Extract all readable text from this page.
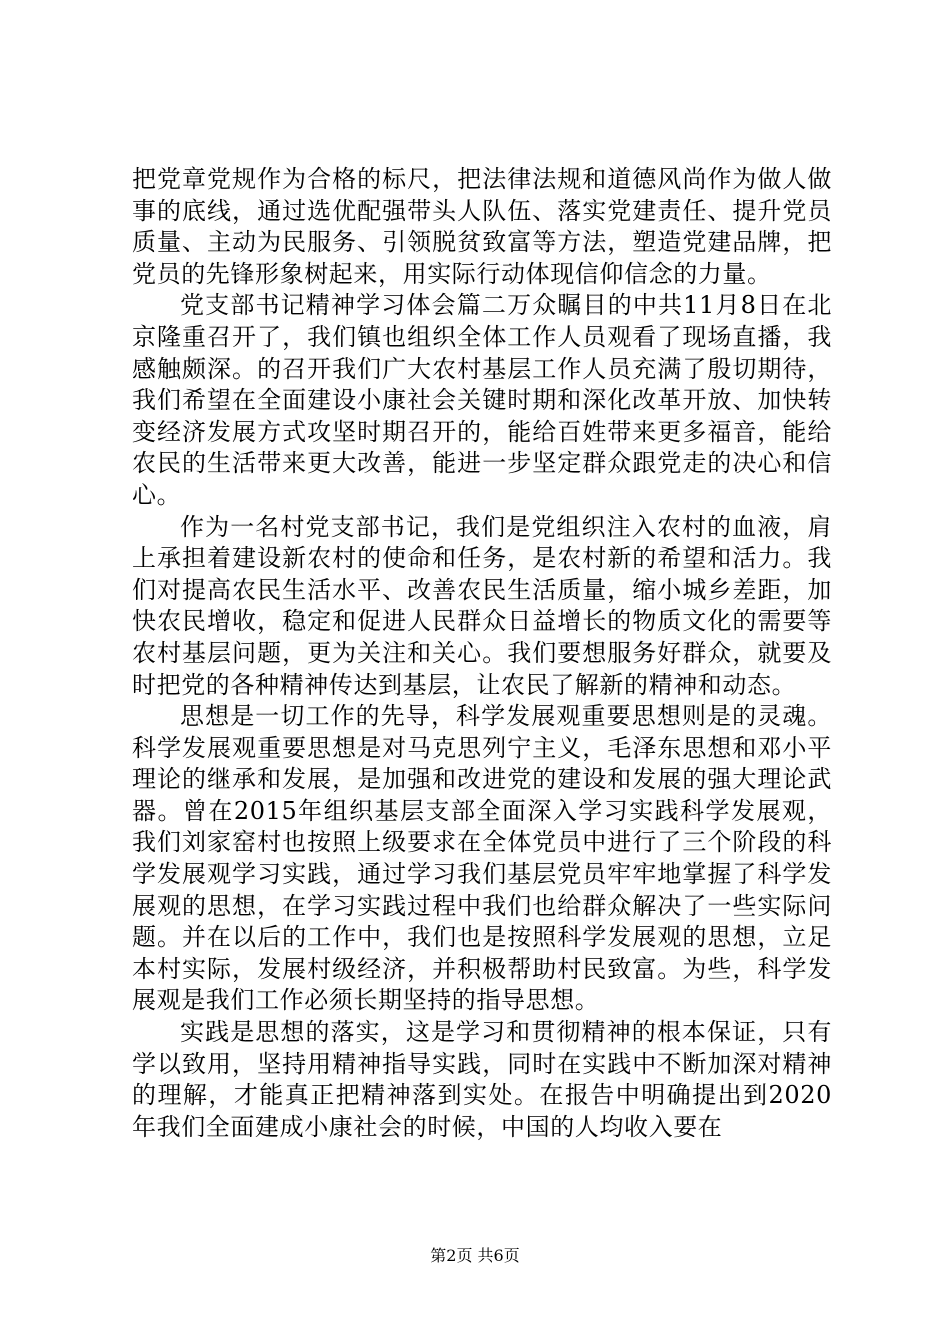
把党章党规作为合格的标尺，把法律法规和道德风尚作为做人做事的底线，通过选优配强带头人队伍、落实党建责任、提升党员质量、主动为民服务、引领脱贫致富等方法，塑造党建品牌，把党员的先锋形象树起来，用实际行动体现信仰信念的力量。

党支部书记精神学习体会篇二万众瞩目的中共11月8日在北京隆重召开了，我们镇也组织全体工作人员观看了现场直播，我感触颇深。的召开我们广大农村基层工作人员充满了殷切期待，我们希望在全面建设小康社会关键时期和深化改革开放、加快转变经济发展方式攻坚时期召开的，能给百姓带来更多福音，能给农民的生活带来更大改善，能进一步坚定群众跟党走的决心和信心。

作为一名村党支部书记，我们是党组织注入农村的血液，肩上承担着建设新农村的使命和任务，是农村新的希望和活力。我们对提高农民生活水平、改善农民生活质量，缩小城乡差距，加快农民增收，稳定和促进人民群众日益增长的物质文化的需要等农村基层问题，更为关注和关心。我们要想服务好群众，就要及时把党的各种精神传达到基层，让农民了解新的精神和动态。

思想是一切工作的先导，科学发展观重要思想则是的灵魂。科学发展观重要思想是对马克思列宁主义，毛泽东思想和邓小平理论的继承和发展，是加强和改进党的建设和发展的强大理论武器。曾在2015年组织基层支部全面深入学习实践科学发展观，我们刘家窑村也按照上级要求在全体党员中进行了三个阶段的科学发展观学习实践，通过学习我们基层党员牢牢地掌握了科学发展观的思想，在学习实践过程中我们也给群众解决了一些实际问题。并在以后的工作中，我们也是按照科学发展观的思想，立足本村实际，发展村级经济，并积极帮助村民致富。为些，科学发展观是我们工作必须长期坚持的指导思想。

实践是思想的落实，这是学习和贯彻精神的根本保证，只有学以致用，坚持用精神指导实践，同时在实践中不断加深对精神的理解，才能真正把精神落到实处。在报告中明确提出到2020年我们全面建成小康社会的时候，中国的人均收入要在

第2页 共6页
